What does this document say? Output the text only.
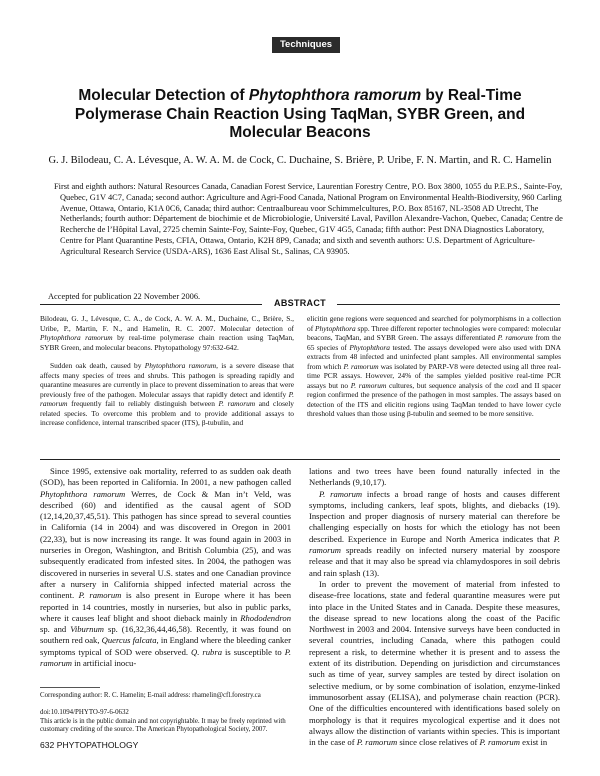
Techniques
Molecular Detection of Phytophthora ramorum by Real-Time Polymerase Chain Reaction Using TaqMan, SYBR Green, and Molecular Beacons
G. J. Bilodeau, C. A. Lévesque, A. W. A. M. de Cock, C. Duchaine, S. Brière, P. Uribe, F. N. Martin, and R. C. Hamelin

First and eighth authors: Natural Resources Canada, Canadian Forest Service, Laurentian Forestry Centre, P.O. Box 3800, 1055 du P.E.P.S., Sainte-Foy, Quebec, G1V 4C7, Canada; second author: Agriculture and Agri-Food Canada, National Program on Environmental Health-Biodiversity, 960 Carling Avenue, Ottawa, Ontario, K1A 0C6, Canada; third author: Centraalbureau voor Schimmelcultures, P.O. Box 85167, NL-3508 AD Utrecht, The Netherlands; fourth author: Département de biochimie et de Microbiologie, Université Laval, Pavillon Alexandre-Vachon, Quebec, Canada; Centre de Recherche de l’Hôpital Laval, 2725 chemin Sainte-Foy, Sainte-Foy, Quebec, G1V 4G5, Canada; fifth author: Pest DNA Diagnostics Laboratory, Centre for Plant Quarantine Pests, CFIA, Ottawa, Ontario, K2H 8P9, Canada; and sixth and seventh authors: U.S. Department of Agriculture-Agricultural Research Service (USDA-ARS), 1636 East Alisal St., Salinas, CA 93905.

Accepted for publication 22 November 2006.
ABSTRACT

Bilodeau, G. J., Lévesque, C. A., de Cock, A. W. A. M., Duchaine, C., Brière, S., Uribe, P., Martin, F. N., and Hamelin, R. C. 2007. Molecular detection of Phytophthora ramorum by real-time polymerase chain reaction using TaqMan, SYBR Green, and molecular beacons. Phytopathology 97:632-642.

Sudden oak death, caused by Phytophthora ramorum, is a severe disease that affects many species of trees and shrubs. This pathogen is spreading rapidly and quarantine measures are currently in place to prevent dissemination to areas that were previously free of the pathogen. Molecular assays that rapidly detect and identify P. ramorum frequently fail to reliably distinguish between P. ramorum and closely related species. To overcome this problem and to provide additional assays to increase confidence, internal transcribed spacer (ITS), β-tubulin, and

elicitin gene regions were sequenced and searched for polymorphisms in a collection of Phytophthora spp. Three different reporter technologies were compared: molecular beacons, TaqMan, and SYBR Green. The assays differentiated P. ramorum from the 65 species of Phytophthora tested. The assays developed were also used with DNA extracts from 48 infected and uninfected plant samples. All environmental samples from which P. ramorum was isolated by PARP-V8 were detected using all three real-time PCR assays. However, 24% of the samples yielded positive real-time PCR assays but no P. ramorum cultures, but sequence analysis of the coxI and II spacer region confirmed the presence of the pathogen in most samples. The assays based on detection of the ITS and elicitin regions using TaqMan tended to have lower cycle threshold values than those using β-tubulin and seemed to be more sensitive.

Since 1995, extensive oak mortality, referred to as sudden oak death (SOD), has been reported in California. In 2001, a new pathogen called Phytophthora ramorum Werres, de Cock & Man in’t Veld, was described (60) and identified as the causal agent of SOD (12,14,20,37,45,51). This pathogen has since spread to several counties in California (14 in 2004) and was discovered in Oregon in 2001 (22,33), but is now increasing its range. It was found again in 2003 in nurseries in Oregon, Washington, and British Columbia (25), and was subsequently eradicated from infested sites. In 2004, the pathogen was discovered in nurseries in several U.S. states and one Canadian province after a nursery in California shipped infected material across the continent. P. ramorum is also present in Europe where it has been reported in 14 countries, mostly in nurseries, but also in public parks, where it causes leaf blight and shoot dieback mainly in Rhododendron sp. and Viburnum sp. (16,32,36,44,46,58). Recently, it was found on southern red oak, Quercus falcata, in England where the bleeding canker symptoms typical of SOD were observed. Q. rubra is susceptible to P. ramorum in artificial inocu-

Corresponding author: R. C. Hamelin; E-mail address: rhamelin@cfl.forestry.ca
doi:10.1094/PHYTO-97-6-0632
This article is in the public domain and not copyrightable. It may be freely reprinted with customary crediting of the source. The American Phytopathological Society, 2007.

lations and two trees have been found naturally infected in the Netherlands (9,10,17).

P. ramorum infects a broad range of hosts and causes different symptoms, including cankers, leaf spots, blights, and diebacks (19). Inspection and proper diagnosis of nursery material can therefore be challenging especially on hosts for which the etiology has not been described. Experience in Europe and North America indicates that P. ramorum spreads readily on infected nursery material by zoospore release and that it may also be spread via chlamydospores in soil debris and rain splash (13).

In order to prevent the movement of material from infested to disease-free locations, state and federal quarantine measures were put into place in the United States and in Canada. Despite these measures, the disease spread to new locations along the coast of the Pacific Northwest in 2003 and 2004. Intensive surveys have been conducted in several countries, including Canada, where this pathogen could represent a risk, to determine whether it is present and to assess the extent of its distribution. Depending on jurisdiction and circumstances such as time of year, survey samples are tested by direct isolation on selective medium, or by some combination of isolation, enzyme-linked immunosorbent assay (ELISA), and polymerase chain reaction (PCR). One of the difficulties encountered with identifications based solely on morphology is that it requires mycological expertise and it does not always allow the distinction of variants within species. This is important in the case of P. ramorum since close relatives of P. ramorum exist in

632 PHYTOPATHOLOGY
